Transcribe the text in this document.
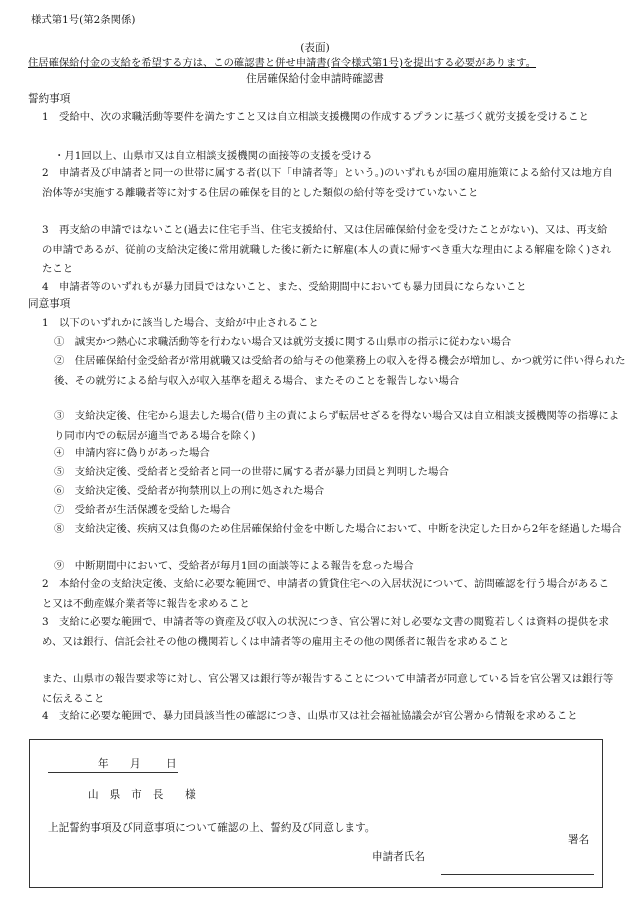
様式第1号(第2条関係)
(表面)
住居確保給付金の支給を希望する方は、この確認書と併せ申請書(省令様式第1号)を提出する必要があります。
住居確保給付金申請時確認書
誓約事項
1　受給中、次の求職活動等要件を満たすこと又は自立相談支援機関の作成するプランに基づく就労支援を受けること
・月1回以上、山県市又は自立相談支援機関の面接等の支援を受ける
2　申請者及び申請者と同一の世帯に属する者(以下「申請者等」という。)のいずれもが国の雇用施策による給付又は地方自治体等が実施する離職者等に対する住居の確保を目的とした類似の給付等を受けていないこと
3　再支給の申請ではないこと(過去に住宅手当、住宅支援給付、又は住居確保給付金を受けたことがない)、又は、再支給の申請であるが、従前の支給決定後に常用就職した後に新たに解雇(本人の責に帰すべき重大な理由による解雇を除く)されたこと
4　申請者等のいずれもが暴力団員ではないこと、また、受給期間中においても暴力団員にならないこと
同意事項
1　以下のいずれかに該当した場合、支給が中止されること
①　誠実かつ熱心に求職活動等を行わない場合又は就労支援に関する山県市の指示に従わない場合
②　住居確保給付金受給者が常用就職又は受給者の給与その他業務上の収入を得る機会が増加し、かつ就労に伴い得られた後、その就労による給与収入が収入基準を超える場合、またそのことを報告しない場合
③　支給決定後、住宅から退去した場合(借り主の責によらず転居せざるを得ない場合又は自立相談支援機関等の指導により同市内での転居が適当である場合を除く)
④　申請内容に偽りがあった場合
⑤　支給決定後、受給者と受給者と同一の世帯に属する者が暴力団員と判明した場合
⑥　支給決定後、受給者が拘禁刑以上の刑に処された場合
⑦　受給者が生活保護を受給した場合
⑧　支給決定後、疾病又は負傷のため住居確保給付金を中断した場合において、中断を決定した日から2年を経過した場合
⑨　中断期間中において、受給者が毎月1回の面談等による報告を怠った場合
2　本給付金の支給決定後、支給に必要な範囲で、申請者の賃貸住宅への入居状況について、訪問確認を行う場合があること又は不動産媒介業者等に報告を求めること
3　支給に必要な範囲で、申請者等の資産及び収入の状況につき、官公署に対し必要な文書の閲覧若しくは資料の提供を求め、又は銀行、信託会社その他の機関若しくは申請者等の雇用主その他の関係者に報告を求めること
また、山県市の報告要求等に対し、官公署又は銀行等が報告することについて申請者が同意している旨を官公署又は銀行等に伝えること
4　支給に必要な範囲で、暴力団員該当性の確認につき、山県市又は社会福祉協議会が官公署から情報を求めること
年 月 日
山　県　市　長　　様
上記誓約事項及び同意事項について確認の上、誓約及び同意します。
署名
申請者氏名
